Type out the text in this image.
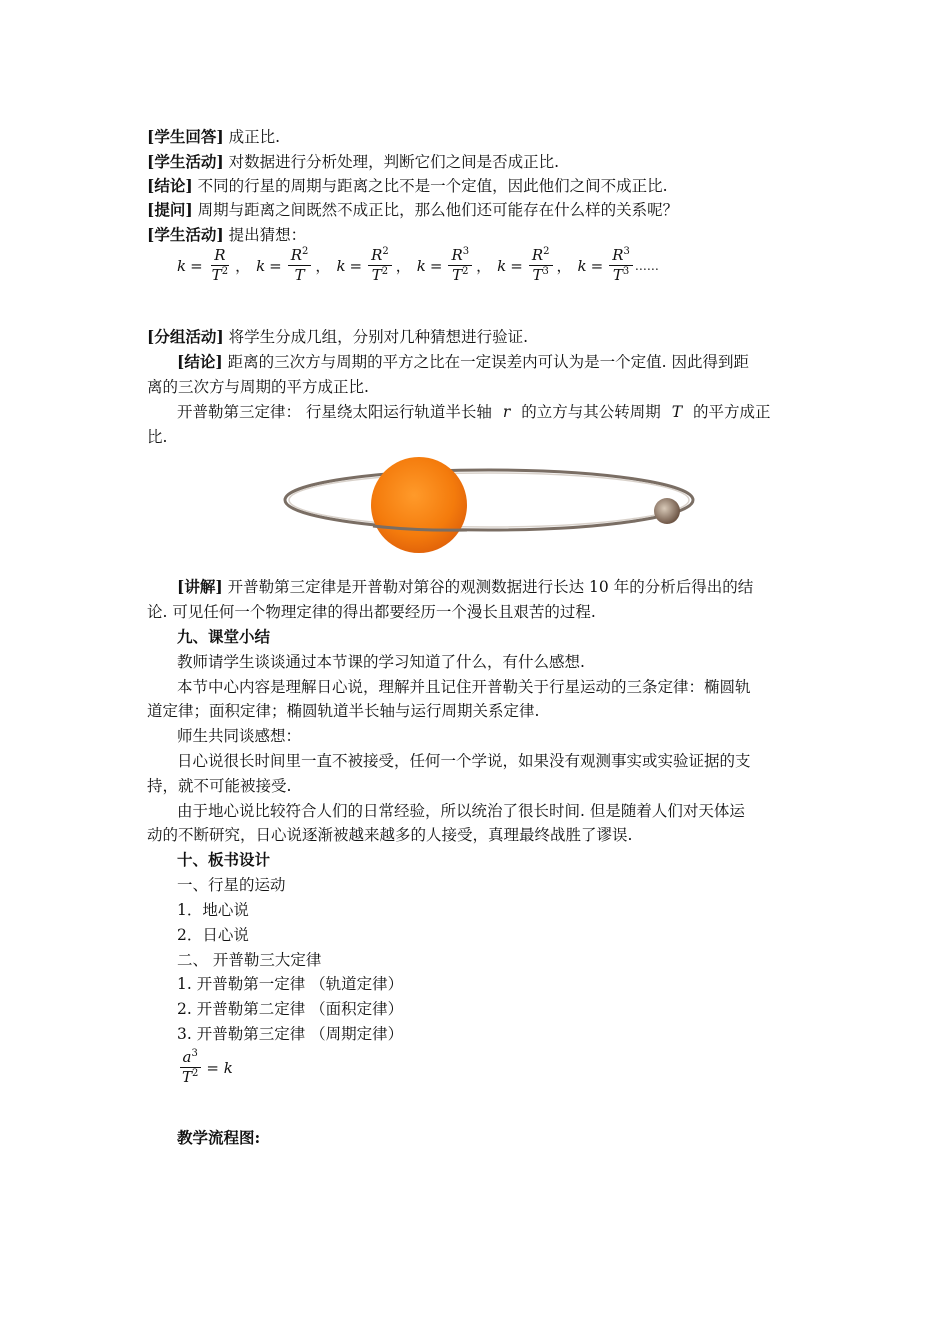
[学生回答] 成正比.
[学生活动] 对数据进行分析处理，判断它们之间是否成正比.
[结论] 不同的行星的周期与距离之比不是一个定值，因此他们之间不成正比.
[提问] 周期与距离之间既然不成正比，那么他们还可能存在什么样的关系呢？
[学生活动] 提出猜想：
$k = \frac{R}{T^2}$ ， $k = \frac{R^2}{T}$ ， $k = \frac{R^2}{T^2}$ ， $k = \frac{R^3}{T^2}$ ， $k = \frac{R^2}{T^3}$ ， $k = \frac{R^3}{T^3}$ ……
[分组活动] 将学生分成几组，分别对几种猜想进行验证.
[结论] 距离的三次方与周期的平方之比在一定误差内可认为是一个定值. 因此得到距
离的三次方与周期的平方成正比.
开普勒第三定律： 行星绕太阳运行轨道半长轴 r 的立方与其公转周期 T 的平方成正
比.
[讲解] 开普勒第三定律是开普勒对第谷的观测数据进行长达 10 年的分析后得出的结
论. 可见任何一个物理定律的得出都要经历一个漫长且艰苦的过程.
九、课堂小结
教师请学生谈谈通过本节课的学习知道了什么，有什么感想.
本节中心内容是理解日心说，理解并且记住开普勒关于行星运动的三条定律：椭圆轨
道定律；面积定律；椭圆轨道半长轴与运行周期关系定律.
师生共同谈感想：
日心说很长时间里一直不被接受，任何一个学说，如果没有观测事实或实验证据的支
持，就不可能被接受.
由于地心说比较符合人们的日常经验，所以统治了很长时间. 但是随着人们对天体运
动的不断研究，日心说逐渐被越来越多的人接受，真理最终战胜了谬误.
十、板书设计
一、行星的运动
1．地心说
2．日心说
二、 开普勒三大定律
1. 开普勒第一定律 （轨道定律）
2. 开普勒第二定律 （面积定律）
3. 开普勒第三定律 （周期定律）
$\frac{a^3}{T^2} = k$
教学流程图:
